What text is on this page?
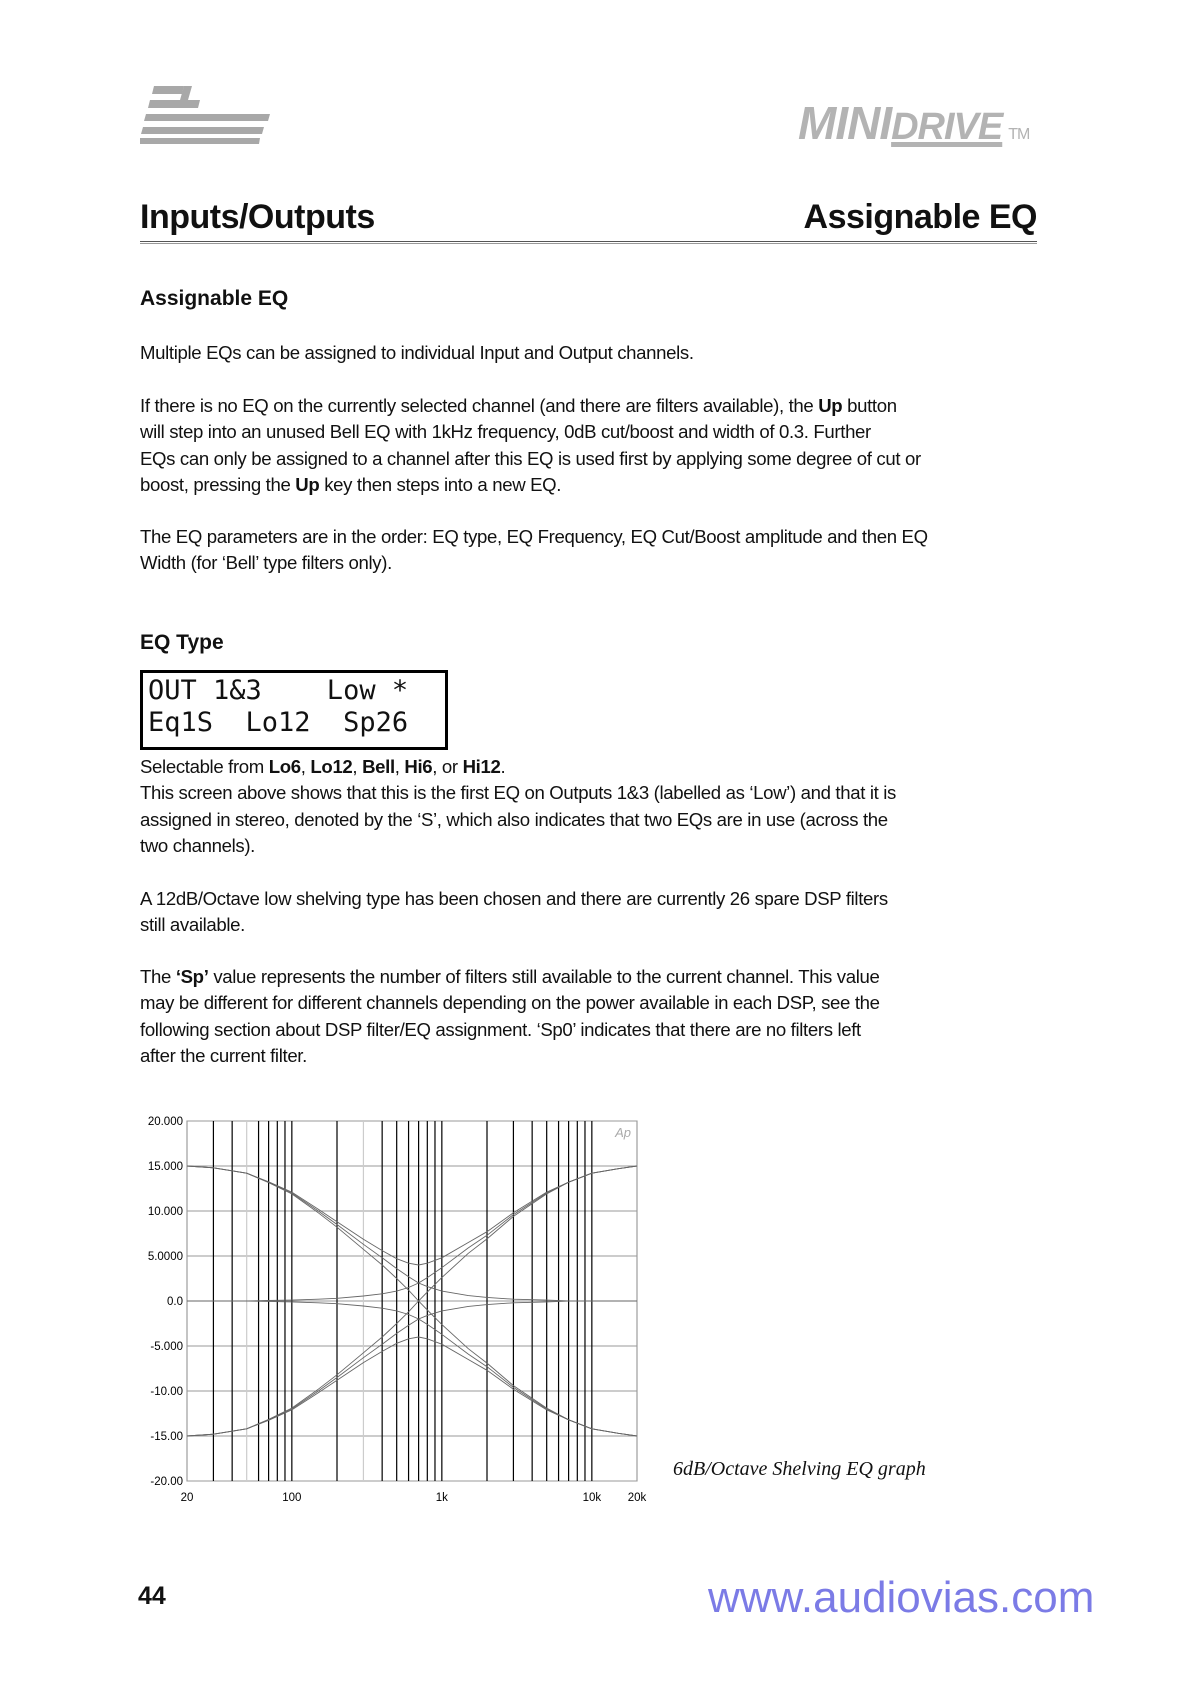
MINIDRIVE TM
Inputs/Outputs	Assignable EQ
Assignable EQ
Multiple EQs can be assigned to individual Input and Output channels.
If there is no EQ on the currently selected channel (and there are filters available), the Up button
will step into an unused Bell EQ with 1kHz frequency, 0dB cut/boost and width of 0.3. Further
EQs can only be assigned to a channel after this EQ is used first by applying some degree of cut or
boost, pressing the Up key then steps into a new EQ.
The EQ parameters are in the order: EQ type, EQ Frequency, EQ Cut/Boost amplitude and then EQ
Width (for ‘Bell’ type filters only).
EQ Type
OUT 1&3    Low *
Eq1S  Lo12  Sp26
Selectable from Lo6, Lo12, Bell, Hi6, or Hi12.
This screen above shows that this is the first EQ on Outputs 1&3 (labelled as ‘Low’) and that it is
assigned in stereo, denoted by the ‘S’, which also indicates that two EQs are in use (across the
two channels).
A 12dB/Octave low shelving type has been chosen and there are currently 26 spare DSP filters
still available.
The ‘Sp’ value represents the number of filters still available to the current channel. This value
may be different for different channels depending on the power available in each DSP, see the
following section about DSP filter/EQ assignment. ‘Sp0’ indicates that there are no filters left
after the current filter.
20.000
15.000
10.000
5.0000
0.0
-5.000
-10.00
-15.00
-20.00
20	100	1k	10k 20k
Ap
6dB/Octave Shelving EQ graph
44	www.audiovias.com
